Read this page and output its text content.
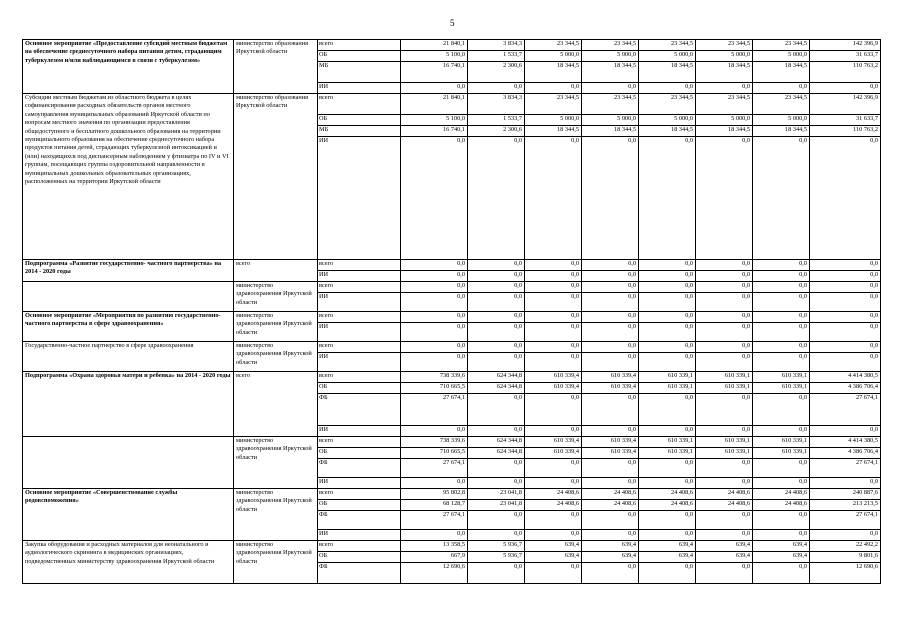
5
Основное мероприятие «Предоставление субсидий местным бюджетам на обеспечение среднесуточного набора питания детям, страдающим туберкулезом и/или наблюдающимся в связи с туберкулезом»	министерство образования Иркутской области	всего	21 840,1	3 834,3	23 344,5	23 344,5	23 344,5	23 344,5	23 344,5	142 396,9
		ОБ	5 100,0	1 533,7	5 000,0	5 000,0	5 000,0	5 000,0	5 000,0	31 633,7
		МБ	16 740,1	2 300,6	18 344,5	18 344,5	18 344,5	18 344,5	18 344,5	110 763,2
		ИИ	0,0	0,0	0,0	0,0	0,0	0,0	0,0	0,0
Субсидии местным бюджетам из областного бюджета в целях софинансирования расходных обязательств органов местного самоуправления муниципальных образований Иркутской области по вопросам местного значения по организации предоставления общедоступного и бесплатного дошкольного образования на территории муниципального образования на обеспечение среднесуточного набора продуктов питания детей, страдающих туберкулезной интоксикацией и (или) находящихся под диспансерным наблюдением у фтизиатра по IV и VI группам, посещающих группы оздоровительной направленности в муниципальных дошкольных образовательных организациях, расположенных на территории Иркутской области	министерство образования Иркутской области	всего	21 840,1	3 834,3	23 344,5	23 344,5	23 344,5	23 344,5	23 344,5	142 396,9
		ОБ	5 100,0	1 533,7	5 000,0	5 000,0	5 000,0	5 000,0	5 000,0	31 633,7
		МБ	16 740,1	2 300,6	18 344,5	18 344,5	18 344,5	18 344,5	18 344,5	110 763,2
		ИИ	0,0	0,0	0,0	0,0	0,0	0,0	0,0	0,0
Подпрограмма «Развитие государственно- частного партнерства» на 2014 - 2020 годы	всего	всего	0,0	0,0	0,0	0,0	0,0	0,0	0,0	0,0
		ИИ	0,0	0,0	0,0	0,0	0,0	0,0	0,0	0,0
	министерство здравоохранения Иркутской области	всего	0,0	0,0	0,0	0,0	0,0	0,0	0,0	0,0
		ИИ	0,0	0,0	0,0	0,0	0,0	0,0	0,0	0,0
Основное мероприятие «Мероприятия по развитию государственно-частного партнерства в сфере здравоохранения»	министерство здравоохранения Иркутской области	всего	0,0	0,0	0,0	0,0	0,0	0,0	0,0	0,0
		ИИ	0,0	0,0	0,0	0,0	0,0	0,0	0,0	0,0
Государственно-частное партнерство в сфере здравоохранения	министерство здравоохранения Иркутской области	всего	0,0	0,0	0,0	0,0	0,0	0,0	0,0	0,0
		ИИ	0,0	0,0	0,0	0,0	0,0	0,0	0,0	0,0
Подпрограмма «Охрана здоровья матери и ребенка» на 2014 - 2020 годы	всего	всего	738 339,6	624 344,8	610 339,4	610 339,4	610 339,1	610 339,1	610 339,1	4 414 380,5
		ОБ	710 665,5	624 344,8	610 339,4	610 339,4	610 339,1	610 339,1	610 339,1	4 386 706,4
		ФБ	27 674,1	0,0	0,0	0,0	0,0	0,0	0,0	27 674,1
		ИИ	0,0	0,0	0,0	0,0	0,0	0,0	0,0	0,0
	министерство здравоохранения Иркутской области	всего	738 339,6	624 344,8	610 339,4	610 339,4	610 339,1	610 339,1	610 339,1	4 414 380,5
		ОБ	710 665,5	624 344,8	610 339,4	610 339,4	610 339,1	610 339,1	610 339,1	4 386 706,4
		ФБ	27 674,1	0,0	0,0	0,0	0,0	0,0	0,0	27 674,1
		ИИ	0,0	0,0	0,0	0,0	0,0	0,0	0,0	0,0
Основное мероприятие «Совершенствование службы родовспоможения»	министерство здравоохранения Иркутской области	всего	95 802,8	23 041,8	24 408,6	24 408,6	24 408,6	24 408,6	24 408,6	240 887,6
		ОБ	68 128,7	23 041,8	24 408,6	24 408,6	24 408,6	24 408,6	24 408,6	213 213,5
		ФБ	27 674,1	0,0	0,0	0,0	0,0	0,0	0,0	27 674,1
		ИИ	0,0	0,0	0,0	0,0	0,0	0,0	0,0	0,0
Закупка оборудования и расходных материалов для неонатального и аудиологического скрининга в медицинских организациях, подведомственных министерству здравоохранения Иркутской области	министерство здравоохранения Иркутской области	всего	13 358,5	5 936,7	639,4	639,4	639,4	639,4	639,4	22 492,2
		ОБ	667,9	5 936,7	639,4	639,4	639,4	639,4	639,4	9 801,6
		ФБ	12 690,6	0,0	0,0	0,0	0,0	0,0	0,0	12 690,6
